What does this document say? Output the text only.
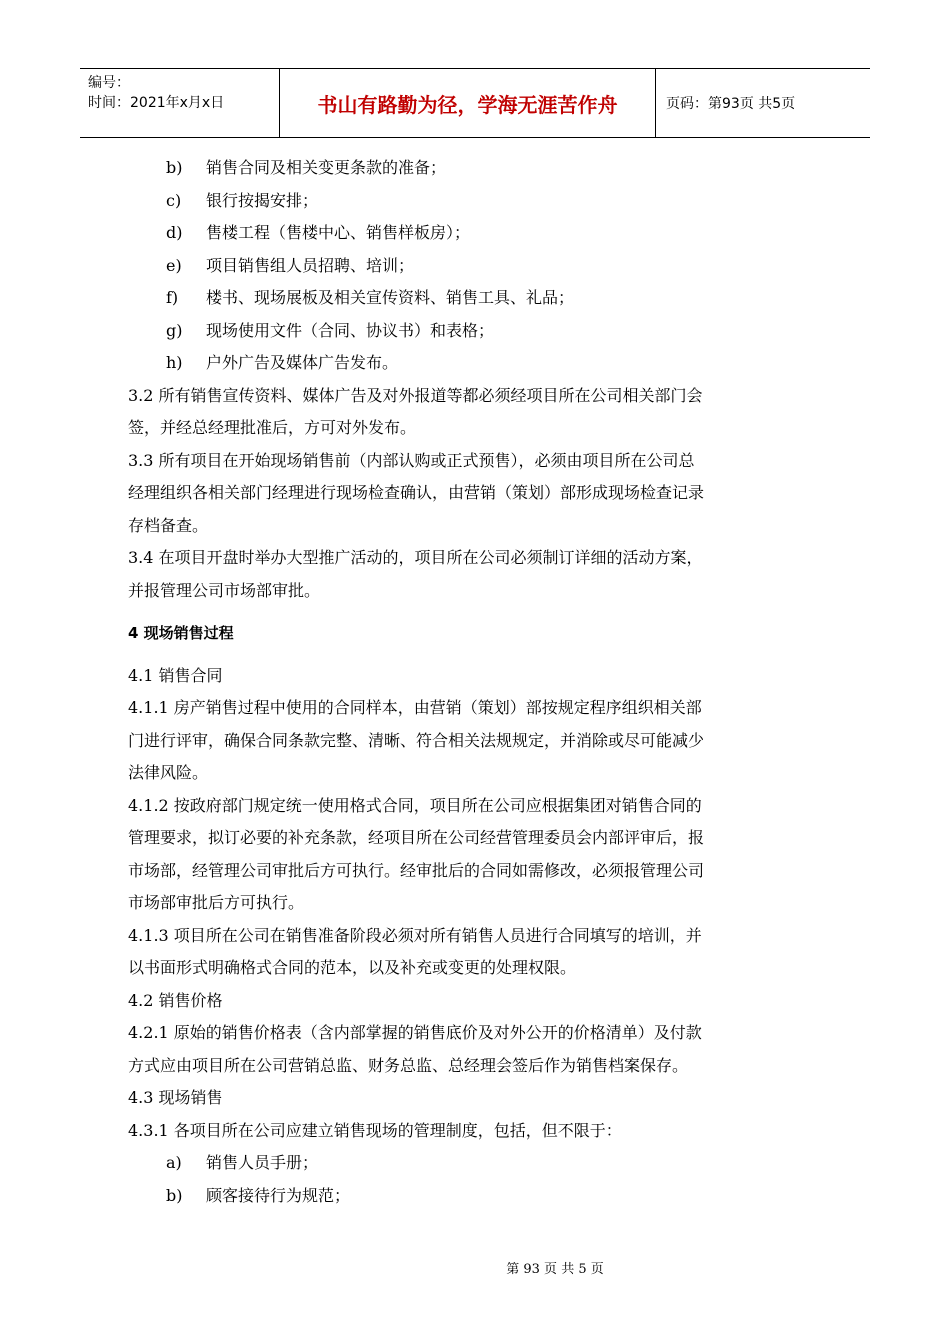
编号：
时间：2021年x月x日	书山有路勤为径，学海无涯苦作舟	页码：第93页 共5页
b) 销售合同及相关变更条款的准备；
c) 银行按揭安排；
d) 售楼工程（售楼中心、销售样板房）；
e) 项目销售组人员招聘、培训；
f) 楼书、现场展板及相关宣传资料、销售工具、礼品；
g) 现场使用文件（合同、协议书）和表格；
h) 户外广告及媒体广告发布。
3.2 所有销售宣传资料、媒体广告及对外报道等都必须经项目所在公司相关部门会
签，并经总经理批准后，方可对外发布。
3.3 所有项目在开始现场销售前（内部认购或正式预售），必须由项目所在公司总
经理组织各相关部门经理进行现场检查确认，由营销（策划）部形成现场检查记录
存档备查。
3.4 在项目开盘时举办大型推广活动的，项目所在公司必须制订详细的活动方案，
并报管理公司市场部审批。
4 现场销售过程
4.1 销售合同
4.1.1 房产销售过程中使用的合同样本，由营销（策划）部按规定程序组织相关部
门进行评审，确保合同条款完整、清晰、符合相关法规规定，并消除或尽可能减少
法律风险。
4.1.2 按政府部门规定统一使用格式合同，项目所在公司应根据集团对销售合同的
管理要求，拟订必要的补充条款，经项目所在公司经营管理委员会内部评审后，报
市场部，经管理公司审批后方可执行。经审批后的合同如需修改，必须报管理公司
市场部审批后方可执行。
4.1.3 项目所在公司在销售准备阶段必须对所有销售人员进行合同填写的培训，并
以书面形式明确格式合同的范本，以及补充或变更的处理权限。
4.2 销售价格
4.2.1 原始的销售价格表（含内部掌握的销售底价及对外公开的价格清单）及付款
方式应由项目所在公司营销总监、财务总监、总经理会签后作为销售档案保存。
4.3 现场销售
4.3.1 各项目所在公司应建立销售现场的管理制度，包括，但不限于：
a) 销售人员手册；
b) 顾客接待行为规范；
第 93 页 共 5 页
